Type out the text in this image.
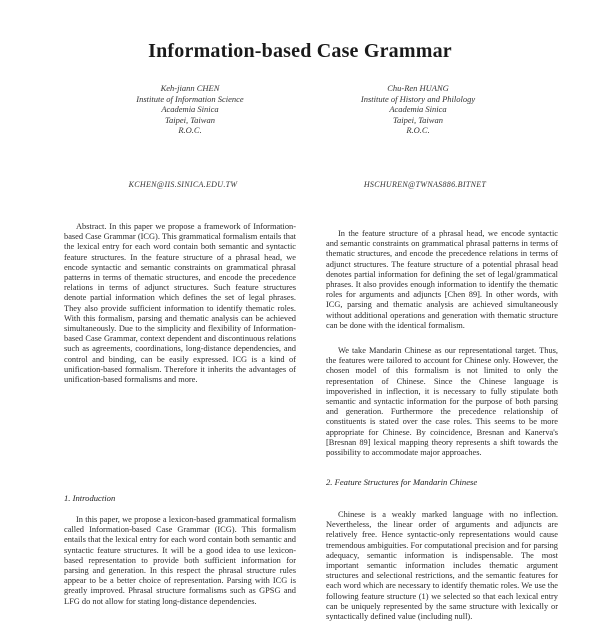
Information-based Case Grammar
Keh-jiann CHEN
Institute of Information Science
Academia Sinica
Taipei, Taiwan
R.O.C.
Chu-Ren HUANG
Institute of History and Philology
Academia Sinica
Taipei, Taiwan
R.O.C.
KCHEN@IIS.SINICA.EDU.TW	HSCHUREN@TWNAS886.BITNET

Abstract. In this paper we propose a framework of Information-based Case Grammar (ICG). This grammatical formalism entails that the lexical entry for each word contain both semantic and syntactic feature structures. In the feature structure of a phrasal head, we encode syntactic and semantic constraints on grammatical phrasal patterns in terms of thematic structures, and encode the precedence relations in terms of adjunct structures. Such feature structures denote partial information which defines the set of legal phrases. They also provide sufficient information to identify thematic roles. With this formalism, parsing and thematic analysis can be achieved simultaneously. Due to the simplicity and flexibility of Information-based Case Grammar, context dependent and discontinuous relations such as agreements, coordinations, long-distance dependencies, and control and binding, can be easily expressed. ICG is a kind of unification-based formalism. Therefore it inherits the advantages of unification-based formalisms and more.

In the feature structure of a phrasal head, we encode syntactic and semantic constraints on grammatical phrasal patterns in terms of thematic structures, and encode the precedence relations in terms of adjunct structures. The feature structure of a potential phrasal head denotes partial information for defining the set of legal/grammatical phrases. It also provides enough information to identify the thematic roles for arguments and adjuncts [Chen 89]. In other words, with ICG, parsing and thematic analysis are achieved simultaneously without additional operations and generation with thematic structure can be done with the identical formalism.

We take Mandarin Chinese as our representational target. Thus, the features were tailored to account for Chinese only. However, the chosen model of this formalism is not limited to only the representation of Chinese. Since the Chinese language is impoverished in inflection, it is necessary to fully stipulate both semantic and syntactic information for the purpose of both parsing and generation. Furthermore the precedence relationship of constituents is stated over the case roles. This seems to be more appropriate for Chinese. By coincidence, Bresnan and Kanerva's [Bresnan 89] lexical mapping theory represents a shift towards the possibility to accommodate major approaches.

1. Introduction

In this paper, we propose a lexicon-based grammatical formalism called Information-based Case Grammar (ICG). This formalism entails that the lexical entry for each word contain both semantic and syntactic feature structures. It will be a good idea to use lexicon-based representation to provide both sufficient information for parsing and generation. In this respect the phrasal structure rules appear to be a better choice of representation. Parsing with ICG is greatly improved. Phrasal structure formalisms such as GPSG and LFG do not allow for stating long-distance dependencies.

2. Feature Structures for Mandarin Chinese

Chinese is a weakly marked language with no inflection. Nevertheless, the linear order of arguments and adjuncts are relatively free. Hence syntactic-only representations would cause tremendous ambiguities. For computational precision and for parsing adequacy, semantic information is indispensable. The most important semantic information includes thematic argument structures and selectional restrictions, and the semantic features for each word which are necessary to identify thematic roles. We use the following feature structure (1) we selected so that each lexical entry can be uniquely represented by the same structure with lexically or syntactically defined value (including null).
